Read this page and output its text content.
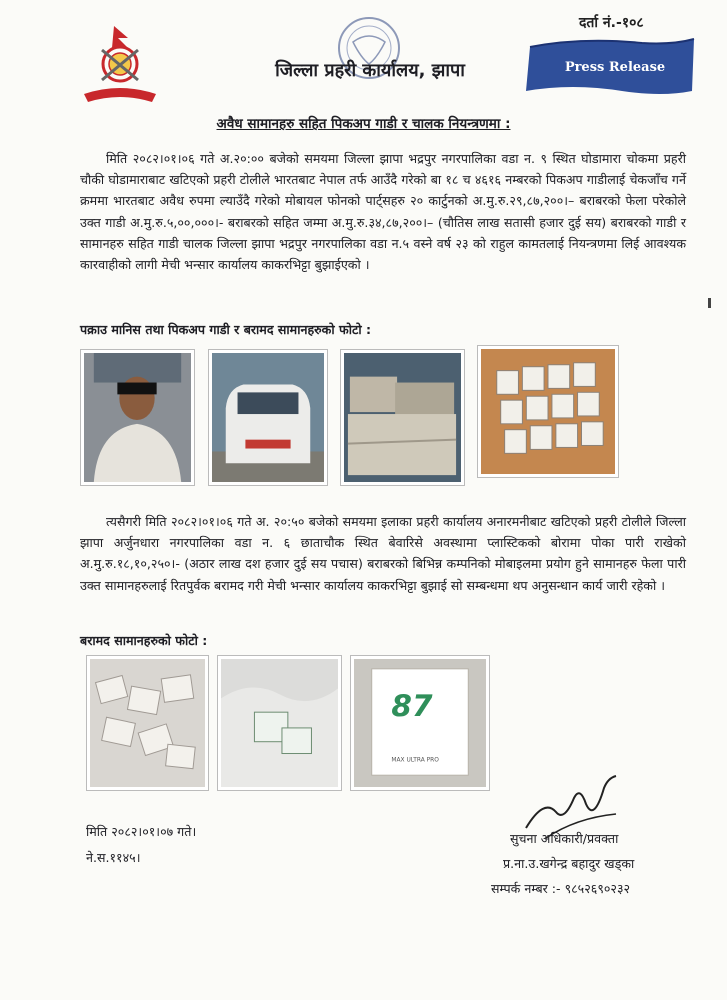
दर्ता नं.-१०८
Press Release
जिल्ला प्रहरी कार्यालय, झापा
अवैध सामानहरु सहित पिकअप गाडी र चालक नियन्त्रणमा :
मिति २०८२।०१।०६ गते अ.२०:०० बजेको समयमा जिल्ला झापा भद्रपुर नगरपालिका वडा न. ९ स्थित घोडामारा चोकमा प्रहरी चौकी घोडामाराबाट खटिएको प्रहरी टोलीले भारतबाट नेपाल तर्फ आउँदै गरेको बा १८ च ४६१६ नम्बरको पिकअप गाडीलाई चेकजाँच गर्ने क्रममा भारतबाट अवैध रुपमा ल्याउँदै गरेको मोबायल फोनको पार्ट्सहरु २० कार्टुनको अ.मु.रु.२९,८७,२००।– बराबरको फेला परेकोले उक्त गाडी अ.मु.रु.५,००,०००।- बराबरको सहित जम्मा अ.मु.रु.३४,८७,२००।– (चौतिस लाख सतासी हजार दुई सय) बराबरको गाडी र सामानहरु सहित गाडी चालक जिल्ला झापा भद्रपुर नगरपालिका वडा न.५ वस्ने वर्ष २३ को राहुल कामतलाई नियन्त्रणमा लिई आवश्यक कारवाहीको लागी मेची भन्सार कार्यालय काकरभिट्टा बुझाईएको ।
पक्राउ मानिस तथा पिकअप गाडी र बरामद सामानहरुको फोटो :
त्यसैगरी मिति २०८२।०१।०६ गते अ. २०:५० बजेको समयमा इलाका प्रहरी कार्यालय अनारमनीबाट खटिएको प्रहरी टोलीले जिल्ला झापा अर्जुनधारा नगरपालिका वडा न. ६ छाताचौक स्थित बेवारिसे अवस्थामा प्लास्टिकको बोरामा पोका पारी राखेको अ.मु.रु.१८,१०,२५०।- (अठार लाख दश हजार दुई सय पचास) बराबरको बिभिन्न कम्पनिको मोबाइलमा प्रयोग हुने सामानहरु फेला पारी उक्त सामानहरुलाई रितपुर्वक बरामद गरी मेची भन्सार कार्यालय काकरभिट्टा बुझाई सो सम्बन्धमा थप अनुसन्धान कार्य जारी रहेको ।
बरामद सामानहरुको फोटो :
87
MAX ULTRA PRO
मिति २०८२।०१।०७ गते।
ने.स.११४५।
सुचना अधिकारी/प्रवक्ता
प्र.ना.उ.खगेन्द्र बहादुर खड्का
सम्पर्क नम्बर :- ९८५२६९०२३२
